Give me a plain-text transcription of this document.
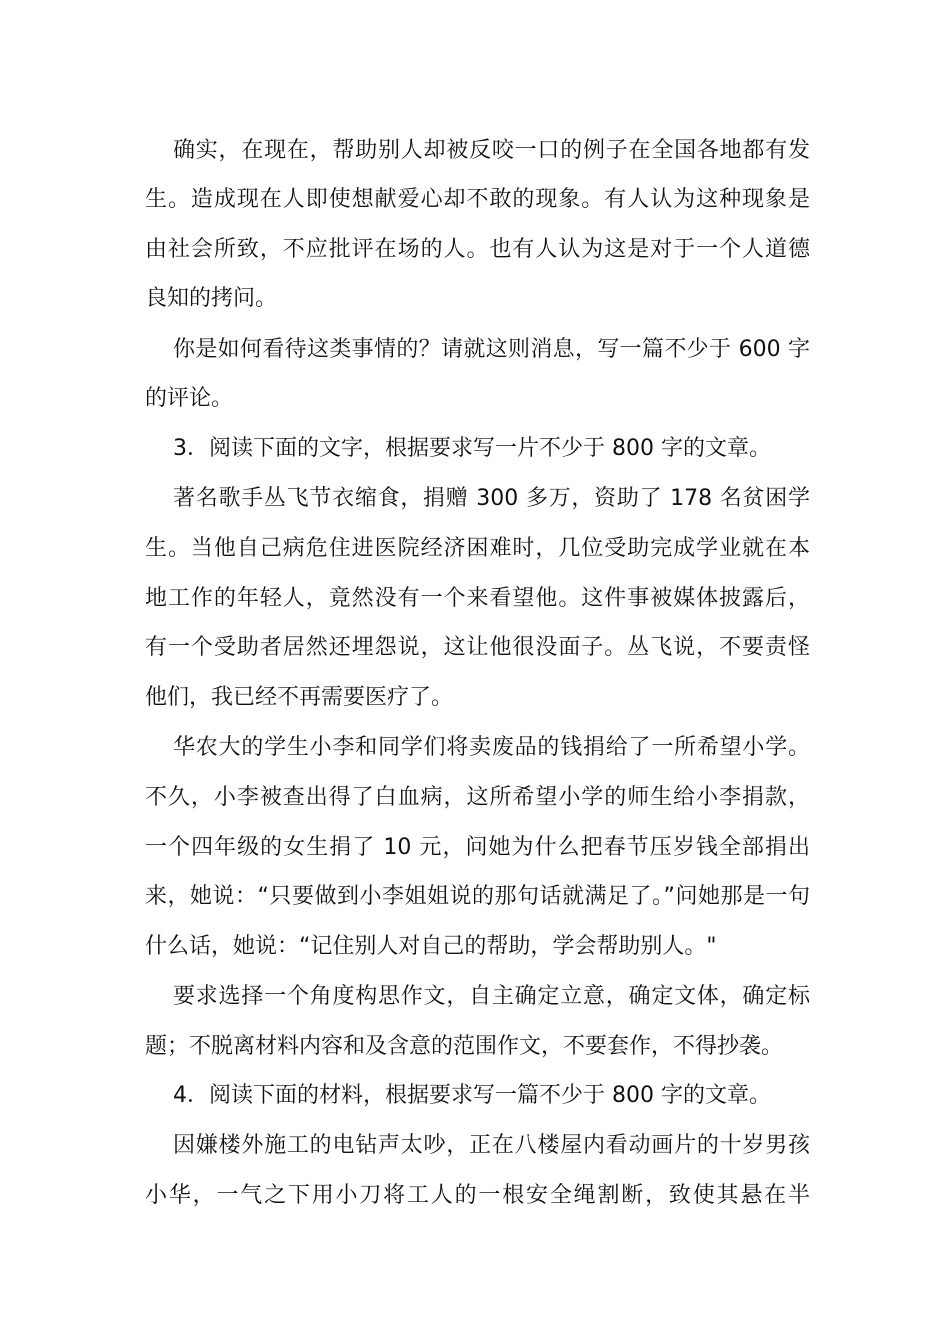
确实，在现在，帮助别人却被反咬一口的例子在全国各地都有发
生。造成现在人即使想献爱心却不敢的现象。有人认为这种现象是
由社会所致，不应批评在场的人。也有人认为这是对于一个人道德
良知的拷问。
你是如何看待这类事情的？请就这则消息，写一篇不少于 600 字
的评论。
3．阅读下面的文字，根据要求写一片不少于 800 字的文章。
著名歌手丛飞节衣缩食，捐赠 300 多万，资助了 178 名贫困学
生。当他自己病危住进医院经济困难时，几位受助完成学业就在本
地工作的年轻人，竟然没有一个来看望他。这件事被媒体披露后，
有一个受助者居然还埋怨说，这让他很没面子。丛飞说，不要责怪
他们，我已经不再需要医疗了。
华农大的学生小李和同学们将卖废品的钱捐给了一所希望小学。
不久，小李被查出得了白血病，这所希望小学的师生给小李捐款，
一个四年级的女生捐了 10 元，问她为什么把春节压岁钱全部捐出
来，她说：“只要做到小李姐姐说的那句话就满足了。”问她那是一句
什么话，她说：“记住别人对自己的帮助，学会帮助别人。"
要求选择一个角度构思作文，自主确定立意，确定文体，确定标
题；不脱离材料内容和及含意的范围作文，不要套作，不得抄袭。
4．阅读下面的材料，根据要求写一篇不少于 800 字的文章。
因嫌楼外施工的电钻声太吵，正在八楼屋内看动画片的十岁男孩
小华，一气之下用小刀将工人的一根安全绳割断，致使其悬在半
